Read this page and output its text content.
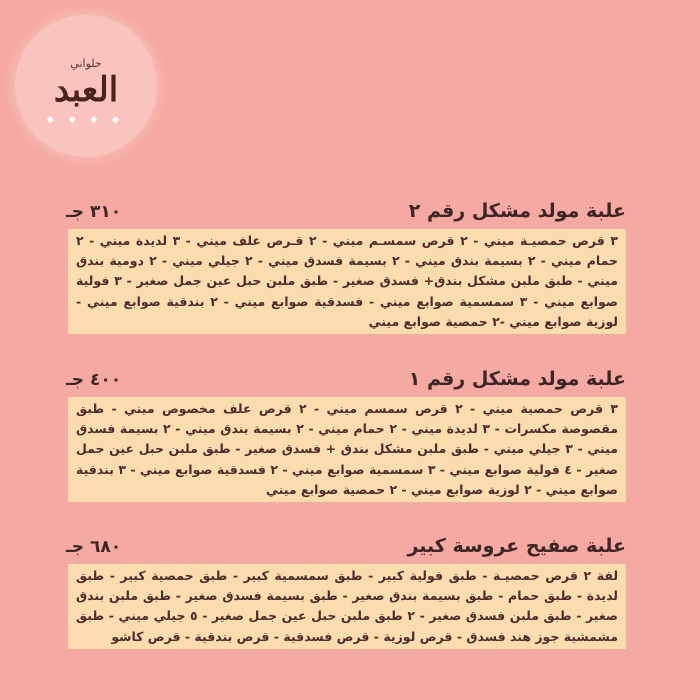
حلواني
العبد
◆ ◆ ◆ ◆
علبة مولد مشكل رقم ٢
٣١٠ جـ
٣ قرص حمصيـة ميني - ٢ قرص سمسـم ميني - ٢ قـرص علف ميني - ٣ لديدة ميني - ٢ حمام ميني - ٢ بسيمة بندق ميني - ٢ بسيمة فسدق ميني - ٢ جيلي ميني - ٢ دومية بندق ميني - طبق ملبن مشكل بندق+ فسدق صغير - طبق ملبن حبل عين جمل صغير - ٣ فولية صوابع ميني - ٣ سمسمية صوابع ميني - فسدقية صوابع ميني - ٢ بندقية صوابع ميني - لوزية صوابع ميني -٢ حمصية صوابع ميني
علبة مولد مشكل رقم ١
٤٠٠ جـ
٣ قرص حمصية ميني - ٢ قرص سمسم ميني - ٢ قرص علف مخصوص ميني - طبق مقصوصة مكسرات - ٣ لديدة ميني - ٢ حمام ميني - ٢ بسيمة بندق ميني - ٢ بسيمة فسدق ميني - ٣ جيلي ميني - طبق ملبن مشكل بندق + فسدق صغير - طبق ملبن حبل عين جمل صغير - ٤ فولية صوابع ميني - ٣ سمسمية صوابع ميني - ٢ فسدقية صوابع ميني - ٣ بندقية صوابع ميني - ٢ لوزية صوابع ميني - ٢ حمصية صوابع ميني
علبة صفيح عروسة كبير
٦٨٠ جـ
لفة ٢ قرص حمصيـة - طبق فولية كبير - طبق سمسمية كبير - طبق حمصية كبير - طبق لديدة - طبق حمام - طبق بسيمة بندق صغير - طبق بسيمة فسدق صغير - طبق ملبن بندق صغير - طبق ملبن فسدق صغير - ٢ طبق ملبن حبل عين جمل صغير - ٥ جيلي ميني - طبق مشمشية جوز هند فسدق - قرص لوزية - قرص فسدقية - قرص بندقية - قرص كاشو
